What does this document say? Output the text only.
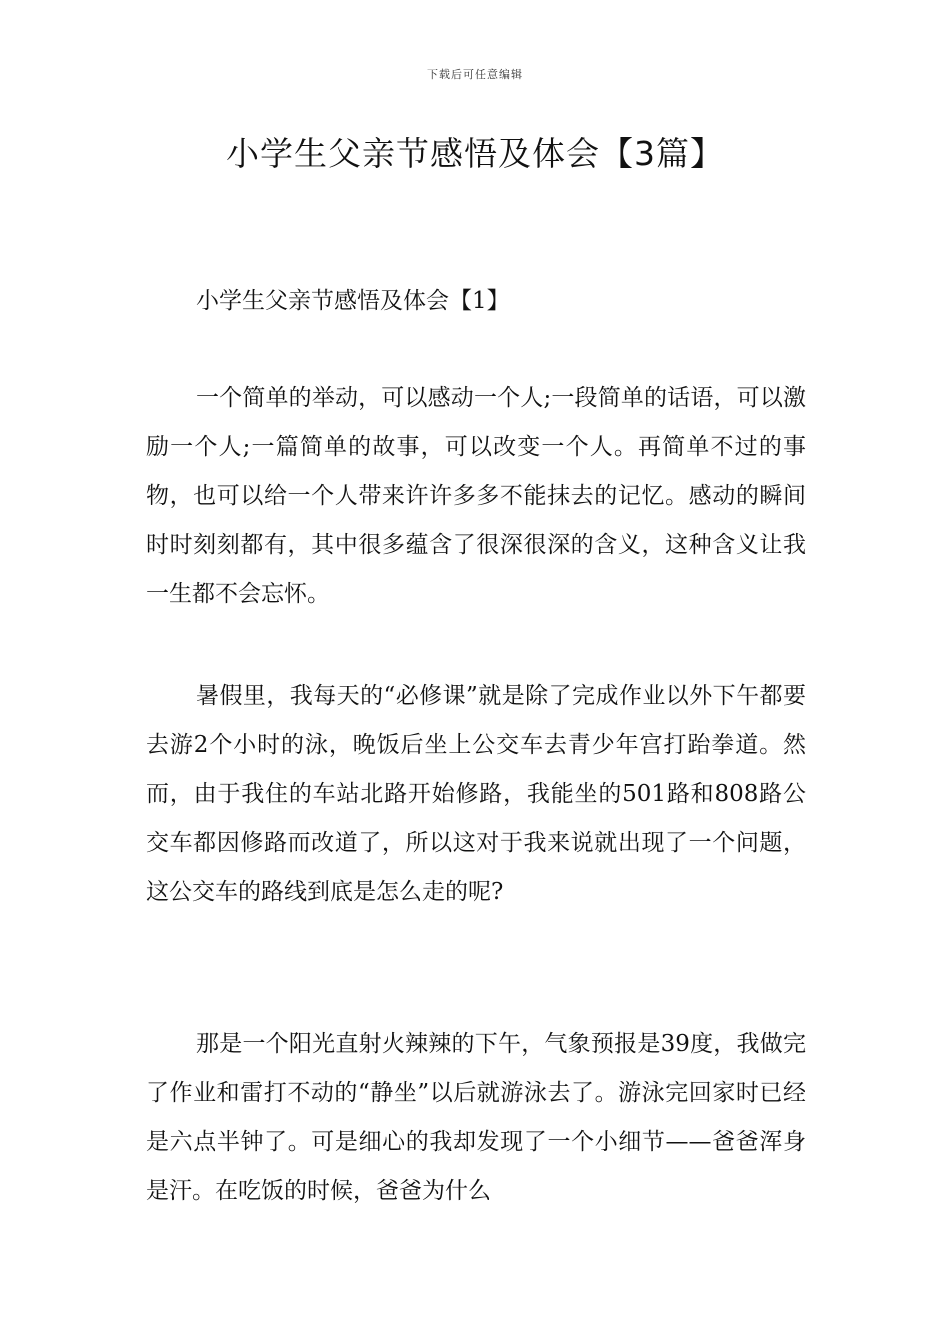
下载后可任意编辑
小学生父亲节感悟及体会【3篇】
小学生父亲节感悟及体会【1】

一个简单的举动，可以感动一个人;一段简单的话语，可以激励一个人;一篇简单的故事，可以改变一个人。再简单不过的事物，也可以给一个人带来许许多多不能抹去的记忆。感动的瞬间时时刻刻都有，其中很多蕴含了很深很深的含义，这种含义让我一生都不会忘怀。

暑假里，我每天的“必修课”就是除了完成作业以外下午都要去游2个小时的泳，晚饭后坐上公交车去青少年宫打跆拳道。然而，由于我住的车站北路开始修路，我能坐的501路和808路公交车都因修路而改道了，所以这对于我来说就出现了一个问题，这公交车的路线到底是怎么走的呢?

那是一个阳光直射火辣辣的下午，气象预报是39度，我做完了作业和雷打不动的“静坐”以后就游泳去了。游泳完回家时已经是六点半钟了。可是细心的我却发现了一个小细节——爸爸浑身是汗。在吃饭的时候，爸爸为什么
